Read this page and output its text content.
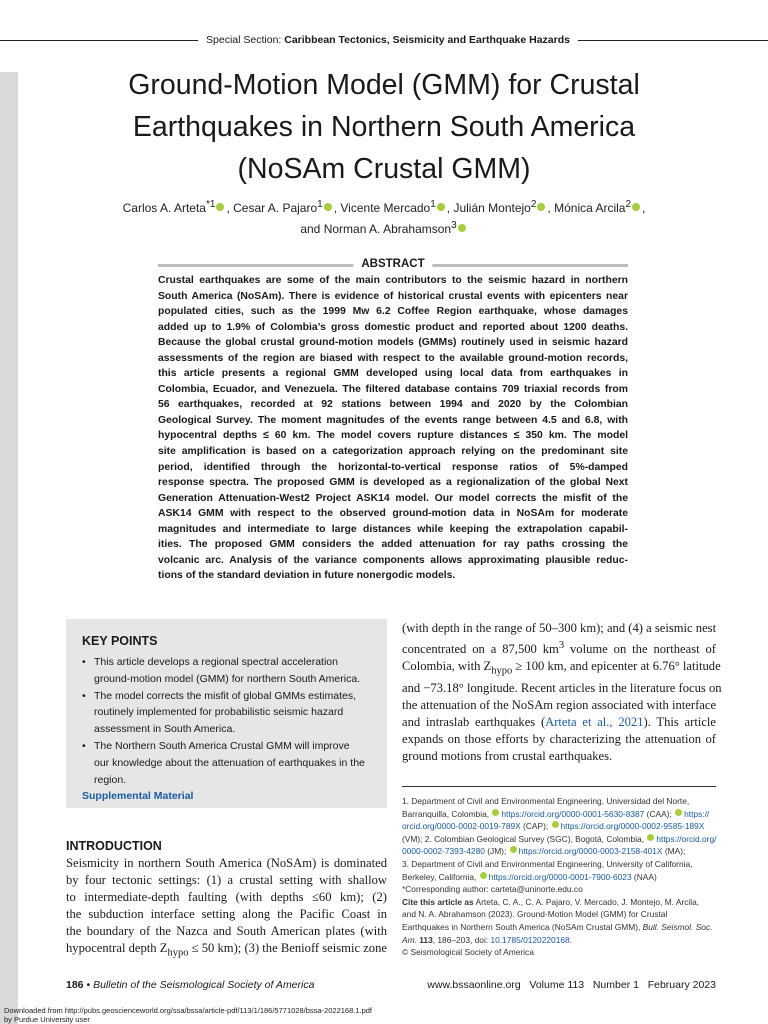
Special Section: Caribbean Tectonics, Seismicity and Earthquake Hazards
Ground-Motion Model (GMM) for Crustal
Earthquakes in Northern South America
(NoSAm Crustal GMM)
Carlos A. Arteta$^{*1}$ , Cesar A. Pajaro$^1$ , Vicente Mercado$^1$ , Julián Montejo$^2$ , Mónica Arcila$^2$ ,
and Norman A. Abrahamson$^3$
ABSTRACT
Crustal earthquakes are some of the main contributors to the seismic hazard in northern
South America (NoSAm). There is evidence of historical crustal events with epicenters near
populated cities, such as the 1999 Mw 6.2 Coffee Region earthquake, whose damages
added up to 1.9% of Colombia’s gross domestic product and reported about 1200 deaths.
Because the global crustal ground-motion models (GMMs) routinely used in seismic hazard
assessments of the region are biased with respect to the available ground-motion records,
this article presents a regional GMM developed using local data from earthquakes in
Colombia, Ecuador, and Venezuela. The filtered database contains 709 triaxial records from
56 earthquakes, recorded at 92 stations between 1994 and 2020 by the Colombian
Geological Survey. The moment magnitudes of the events range between 4.5 and 6.8, with
hypocentral depths ≤ 60 km. The model covers rupture distances ≤ 350 km. The model
site amplification is based on a categorization approach relying on the predominant site
period, identified through the horizontal-to-vertical response ratios of 5%-damped
response spectra. The proposed GMM is developed as a regionalization of the global Next
Generation Attenuation-West2 Project ASK14 model. Our model corrects the misfit of the
ASK14 GMM with respect to the observed ground-motion data in NoSAm for moderate
magnitudes and intermediate to large distances while keeping the extrapolation capabil-
ities. The proposed GMM considers the added attenuation for ray paths crossing the
volcanic arc. Analysis of the variance components allows approximating plausible reduc-
tions of the standard deviation in future nonergodic models.
KEY POINTS
• This article develops a regional spectral acceleration
ground-motion model (GMM) for northern South America.
• The model corrects the misfit of global GMMs estimates,
routinely implemented for probabilistic seismic hazard
assessment in South America.
• The Northern South America Crustal GMM will improve
our knowledge about the attenuation of earthquakes in the
region.
Supplemental Material
INTRODUCTION
Seismicity in northern South America (NoSAm) is dominated
by four tectonic settings: (1) a crustal setting with shallow
to intermediate-depth faulting (with depths ≤60 km); (2)
the subduction interface setting along the Pacific Coast in
the boundary of the Nazca and South American plates (with
hypocentral depth $Z_{hypo} \le 50$ km); (3) the Benioff seismic zone
(with depth in the range of 50–300 km); and (4) a seismic nest
concentrated on a 87,500 $km^3$ volume on the northeast of
Colombia, with $Z_{hypo} \ge 100$ km, and epicenter at 6.76° latitude
and −73.18° longitude. Recent articles in the literature focus on
the attenuation of the NoSAm region associated with interface
and intraslab earthquakes (Arteta et al., 2021). This article
expands on those efforts by characterizing the attenuation of
ground motions from crustal earthquakes.
1. Department of Civil and Environmental Engineering, Universidad del Norte,
Barranquilla, Colombia, https://orcid.org/0000-0001-5630-8387 (CAA); https://
orcid.org/0000-0002-0019-789X (CAP); https://orcid.org/0000-0002-9585-189X
(VM); 2. Colombian Geological Survey (SGC), Bogotá, Colombia, https://orcid.org/
0000-0002-7393-4280 (JM); https://orcid.org/0000-0003-2158-401X (MA);
3. Department of Civil and Environmental Engineering, University of California,
Berkeley, California, https://orcid.org/0000-0001-7900-6023 (NAA)
*Corresponding author: carteta@uninorte.edu.co
Cite this article as Arteta, C. A., C. A. Pajaro, V. Mercado, J. Montejo, M. Arcila,
and N. A. Abrahamson (2023). Ground-Motion Model (GMM) for Crustal
Earthquakes in Northern South America (NoSAm Crustal GMM), Bull. Seismol. Soc.
Am. 113, 186–203, doi: 10.1785/0120220168.
© Seismological Society of America
186 • Bulletin of the Seismological Society of America	www.bssaonline.org   Volume 113   Number 1   February 2023
Downloaded from http://pubs.geoscienceworld.org/ssa/bssa/article-pdf/113/1/186/5771028/bssa-2022168.1.pdf
by Purdue University user
